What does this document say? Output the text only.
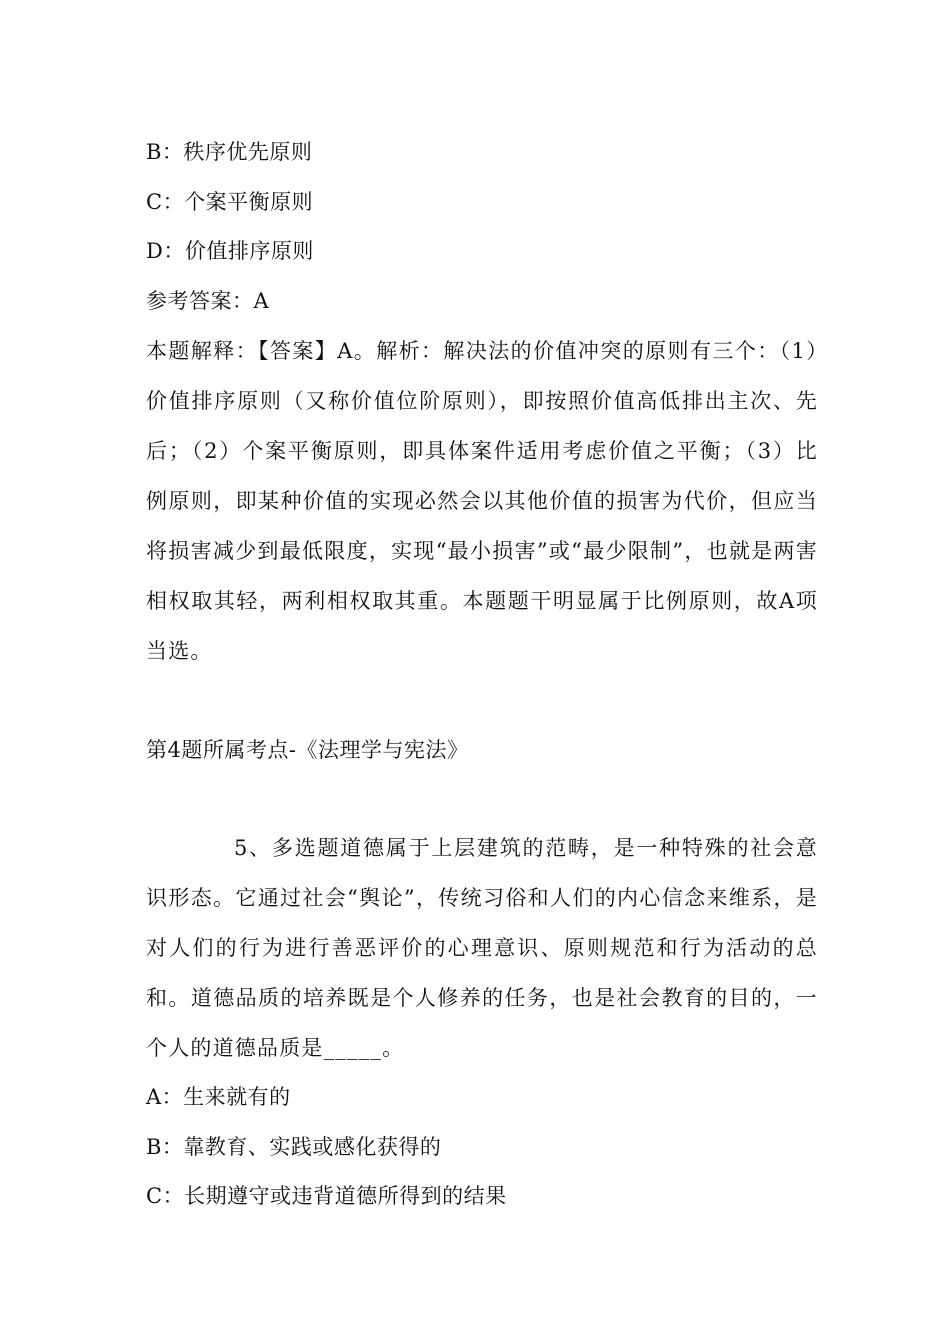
B：秩序优先原则
C：个案平衡原则
D：价值排序原则
参考答案：A
本题解释：【答案】A。解析：解决法的价值冲突的原则有三个：（1）价值排序原则（又称价值位阶原则），即按照价值高低排出主次、先后；（2）个案平衡原则，即具体案件适用考虑价值之平衡；（3）比例原则，即某种价值的实现必然会以其他价值的损害为代价，但应当将损害减少到最低限度，实现“最小损害”或“最少限制”，也就是两害相权取其轻，两利相权取其重。本题题干明显属于比例原则，故A项当选。
第4题所属考点-《法理学与宪法》
5、多选题道德属于上层建筑的范畴，是一种特殊的社会意识形态。它通过社会“舆论”，传统习俗和人们的内心信念来维系，是对人们的行为进行善恶评价的心理意识、原则规范和行为活动的总和。道德品质的培养既是个人修养的任务，也是社会教育的目的，一个人的道德品质是_____。
A：生来就有的
B：靠教育、实践或感化获得的
C：长期遵守或违背道德所得到的结果
